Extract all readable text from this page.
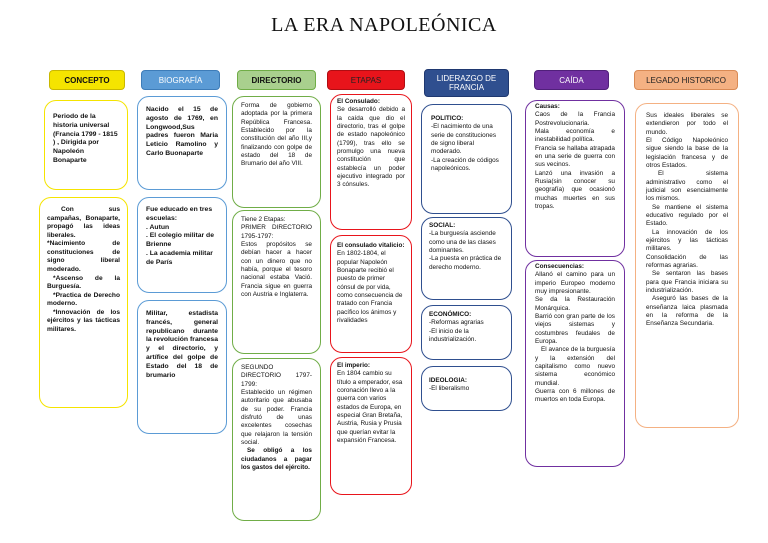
LA ERA NAPOLEÓNICA
CONCEPTO	BIOGRAFÍA	DIRECTORIO	ETAPAS	LIDERAZGO DE FRANCIA
CAÍDA	LEGADO HISTORICO
Periodo de la historia universal (Francia 1799 - 1815 ) , Dirigida por Napoleón Bonaparte
Con sus campañas, Bonaparte, propagó las ideas liberales.
*Nacimiento de constituciones de signo liberal moderado.
*Ascenso de la Burguesía.
*Practica de Derecho moderno.
*Innovación de los ejércitos y las tácticas militares.
Nacido el 15 de agosto de 1769, en Longwood,Sus padres fueron Maria Leticio Ramolino y Carlo Buonaparte
Fue educado en tres escuelas:
. Autun
. El colegio militar de Brienne
. La academia militar de París
Militar, estadista francés, general republicano durante la revolución francesa y el directorio, y artífice del golpe de Estado del 18 de brumario
Forma de gobierno adoptada por la primera República Francesa. Establecido por la constitución del año III,y finalizando con golpe de estado del 18 de Brumario del año VIII.
Tiene 2 Etapas:
PRIMER DIRECTORIO 1795-1797:
Estos propósitos se debían hacer a hacer con un dinero que no había, porque el tesoro nacional estaba Vació. Francia sigue en guerra con Austria e Inglaterra.
SEGUNDO DIRECTORIO 1797-1799:
Establecido un régimen autoritario que abusaba de su poder. Francia disfrutó de unas excelentes cosechas que relajaron la tensión social.
Se obligó a los ciudadanos a pagar los gastos del ejército.
El Consulado:
Se desarrolló debido a la caída que dio el directorio, tras el golpe de estado napoleónico (1799), tras ello se promulgo una nueva constitución que establecía un poder ejecutivo integrado por 3 cónsules.
El consulado vitalicio:
En 1802-1804, el popular Napoleón Bonaparte recibió el puesto de primer cónsul de por vida, como consecuencia de tratado con Francia pacífico los ánimos y rivalidades
El imperio:
En 1804 cambio su título a emperador, esa coronación llevo a la guerra con varios estados de Europa, en especial Gran Bretaña, Austria, Rusia y Prusia que querían evitar la expansión Francesa.
POLITICO:
-El nacimiento de una serie de constituciones de signo liberal moderado.
-La creación de códigos napoleónicos.
SOCIAL:
-La burguesía asciende como una de las clases dominantes.
-La puesta en práctica de derecho moderno.
ECONÓMICO:
-Reformas agrarias
-El inicio de la industrialización.
IDEOLOGIA:
-El liberalismo
Causas:
Caos de la Francia Postrevolucionaria.
Mala economía e inestabilidad política.
Francia se hallaba atrapada en una serie de guerra con sus vecinos.
Lanzó una invasión a Rusia(sin conocer su geografía) que ocasionó muchas muertes en sus tropas.
Consecuencias:
Allanó el camino para un imperio Europeo moderno muy impresionante.
Se da la Restauración Monárquica.
Barrió con gran parte de los viejos sistemas y costumbres feudales de Europa.
El avance de la burguesía y la extensión del capitalismo como nuevo sistema económico mundial.
Guerra con 6 millones de muertos en toda Europa.
Sus ideales liberales se extendieron por todo el mundo.
El Código Napoleónico sigue siendo la base de la legislación francesa y de otros Estados.
El sistema administrativo como el judicial son esencialmente los mismos.
Se mantiene el sistema educativo regulado por el Estado.
La innovación de los ejércitos y las tácticas militares.
Consolidación de las reformas agrarias.
Se sentaron las bases para que Francia iniciara su industrialización.
Aseguró las bases de la enseñanza laica plasmada en la reforma de la Enseñanza Secundaria.
